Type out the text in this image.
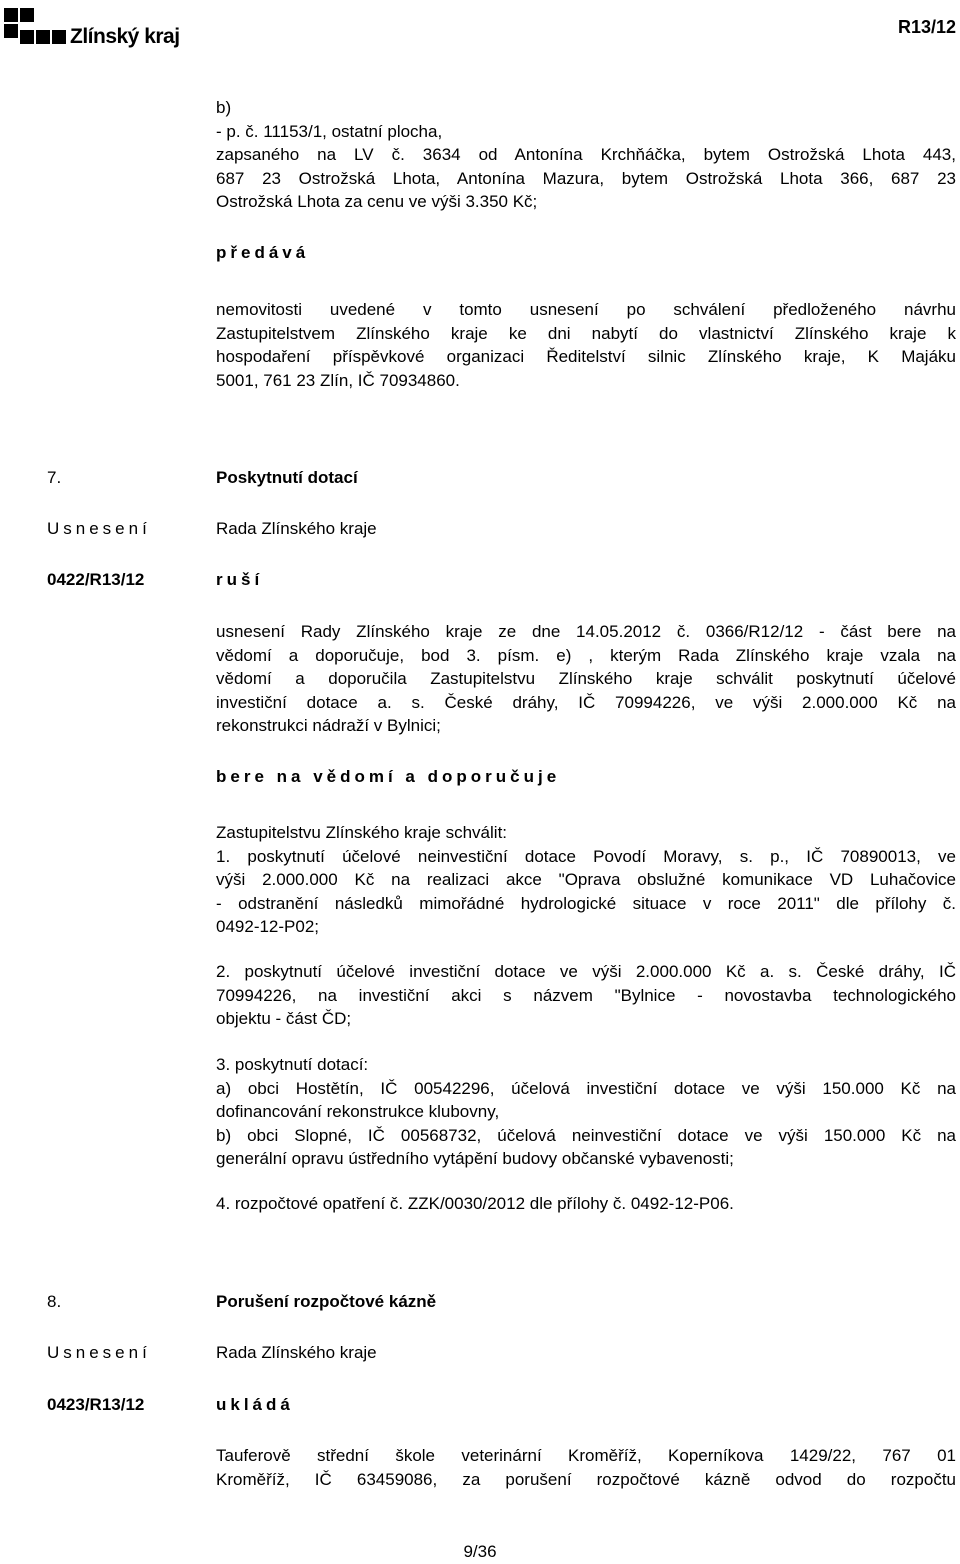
Zlínský kraj	R13/12
b)
- p. č. 11153/1, ostatní plocha,
zapsaného na LV č. 3634 od Antonína Krchňáčka, bytem Ostrožská Lhota 443,
687 23 Ostrožská Lhota, Antonína Mazura, bytem Ostrožská Lhota 366, 687 23
Ostrožská Lhota za cenu ve výši 3.350 Kč;
předává
nemovitosti uvedené v tomto usnesení po schválení předloženého návrhu
Zastupitelstvem Zlínského kraje ke dni nabytí do vlastnictví Zlínského kraje k
hospodaření příspěvkové organizaci Ředitelství silnic Zlínského kraje, K Majáku
5001, 761 23 Zlín, IČ 70934860.
7.	Poskytnutí dotací
Usnesení	Rada Zlínského kraje
0422/R13/12	ruší
usnesení Rady Zlínského kraje ze dne 14.05.2012 č. 0366/R12/12 - část bere na
vědomí a doporučuje, bod 3. písm. e) , kterým Rada Zlínského kraje vzala na
vědomí a doporučila Zastupitelstvu Zlínského kraje schválit poskytnutí účelové
investiční dotace a. s. České dráhy, IČ 70994226, ve výši 2.000.000 Kč na
rekonstrukci nádraží v Bylnici;
bere na vědomí a doporučuje
Zastupitelstvu Zlínského kraje schválit:
1. poskytnutí účelové neinvestiční dotace Povodí Moravy, s. p., IČ 70890013, ve
výši 2.000.000 Kč na realizaci akce "Oprava obslužné komunikace VD Luhačovice
- odstranění následků mimořádné hydrologické situace v roce 2011" dle přílohy č.
0492-12-P02;
2. poskytnutí účelové investiční dotace ve výši 2.000.000 Kč a. s. České dráhy, IČ
70994226, na investiční akci s názvem "Bylnice - novostavba technologického
objektu - část ČD;
3. poskytnutí dotací:
a) obci Hostětín, IČ 00542296, účelová investiční dotace ve výši 150.000 Kč na
dofinancování rekonstrukce klubovny,
b) obci Slopné, IČ 00568732, účelová neinvestiční dotace ve výši 150.000 Kč na
generální opravu ústředního vytápění budovy občanské vybavenosti;
4. rozpočtové opatření č. ZZK/0030/2012 dle přílohy č. 0492-12-P06.
8.	Porušení rozpočtové kázně
Usnesení	Rada Zlínského kraje
0423/R13/12	ukládá
Tauferově střední škole veterinární Kroměříž, Koperníkova 1429/22, 767 01
Kroměříž, IČ 63459086, za porušení rozpočtové kázně odvod do rozpočtu
9/36
